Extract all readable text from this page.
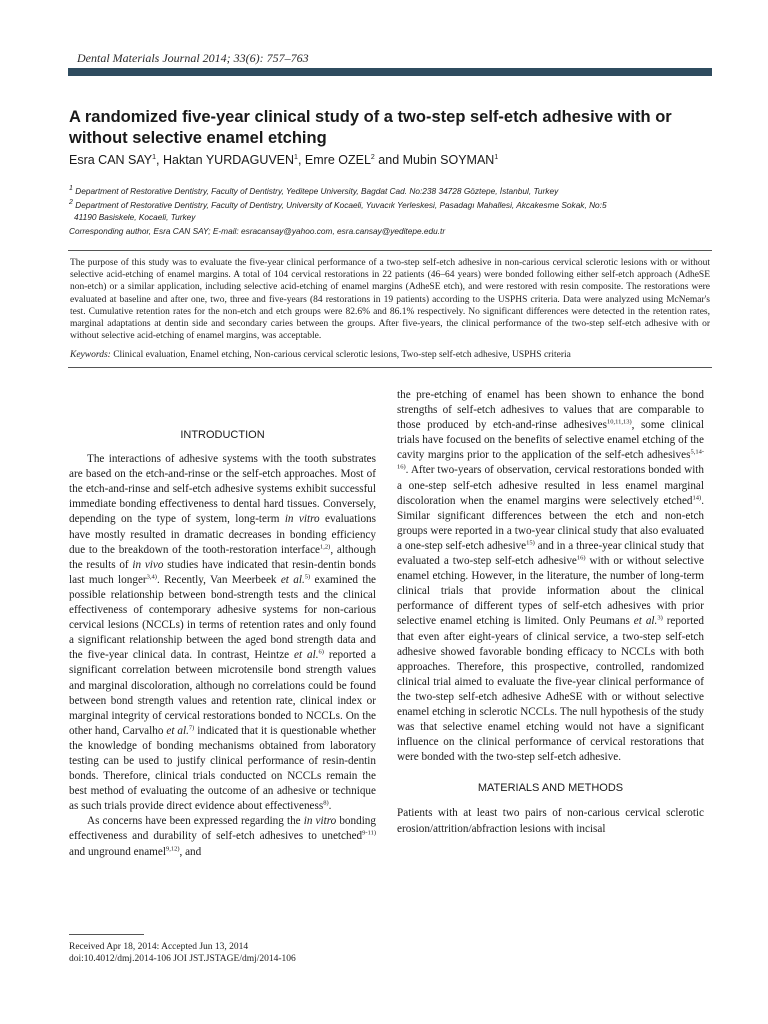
Dental Materials Journal 2014; 33(6): 757–763
A randomized five-year clinical study of a two-step self-etch adhesive with or without selective enamel etching
Esra CAN SAY$^1$, Haktan YURDAGUVEN$^1$, Emre OZEL$^2$ and Mubin SOYMAN$^1$
$^1$ Department of Restorative Dentistry, Faculty of Dentistry, Yeditepe University, Bagdat Cad. No:238 34728 Göztepe, İstanbul, Turkey
$^2$ Department of Restorative Dentistry, Faculty of Dentistry, University of Kocaeli, Yuvacık Yerleskesi, Pasadagı Mahallesi, Akcakesme Sokak, No:5
41190 Basiskele, Kocaeli, Turkey
Corresponding author, Esra CAN SAY; E-mail: esracansay@yahoo.com, esra.cansay@yeditepe.edu.tr
The purpose of this study was to evaluate the five-year clinical performance of a two-step self-etch adhesive in non-carious cervical sclerotic lesions with or without selective acid-etching of enamel margins. A total of 104 cervical restorations in 22 patients (46–64 years) were bonded following either self-etch approach (AdheSE non-etch) or a similar application, including selective acid-etching of enamel margins (AdheSE etch), and were restored with resin composite. The restorations were evaluated at baseline and after one, two, three and five-years (84 restorations in 19 patients) according to the USPHS criteria. Data were analyzed using McNemar's test. Cumulative retention rates for the non-etch and etch groups were 82.6% and 86.1% respectively. No significant differences were detected in the retention rates, marginal adaptations at dentin side and secondary caries between the groups. After five-years, the clinical performance of the two-step self-etch adhesive with or without selective acid-etching of enamel margins, was acceptable.
Keywords: Clinical evaluation, Enamel etching, Non-carious cervical sclerotic lesions, Two-step self-etch adhesive, USPHS criteria

INTRODUCTION

The interactions of adhesive systems with the tooth substrates are based on the etch-and-rinse or the self-etch approaches. Most of the etch-and-rinse and self-etch adhesive systems exhibit successful immediate bonding effectiveness to dental hard tissues. Conversely, depending on the type of system, long-term in vitro evaluations have mostly resulted in dramatic decreases in bonding efficiency due to the breakdown of the tooth-restoration interface$^{1,2)}$, although the results of in vivo studies have indicated that resin-dentin bonds last much longer$^{3,4)}$. Recently, Van Meerbeek et al.$^{5)}$ examined the possible relationship between bond-strength tests and the clinical effectiveness of contemporary adhesive systems for non-carious cervical lesions (NCCLs) in terms of retention rates and only found a significant relationship between the aged bond strength data and the five-year clinical data. In contrast, Heintze et al.$^{6)}$ reported a significant correlation between microtensile bond strength values and marginal discoloration, although no correlations could be found between bond strength values and retention rate, clinical index or marginal integrity of cervical restorations bonded to NCCLs. On the other hand, Carvalho et al.$^{7)}$ indicated that it is questionable whether the knowledge of bonding mechanisms obtained from laboratory testing can be used to justify clinical performance of resin-dentin bonds. Therefore, clinical trials conducted on NCCLs remain the best method of evaluating the outcome of an adhesive or technique as such trials provide direct evidence about effectiveness$^{8)}$.

As concerns have been expressed regarding the in vitro bonding effectiveness and durability of self-etch adhesives to unetched$^{9-11)}$ and unground enamel$^{9,12)}$, and

the pre-etching of enamel has been shown to enhance the bond strengths of self-etch adhesives to values that are comparable to those produced by etch-and-rinse adhesives$^{10,11,13)}$, some clinical trials have focused on the benefits of selective enamel etching of the cavity margins prior to the application of the self-etch adhesives$^{5,14-16)}$. After two-years of observation, cervical restorations bonded with a one-step self-etch adhesive resulted in less enamel marginal discoloration when the enamel margins were selectively etched$^{14)}$. Similar significant differences between the etch and non-etch groups were reported in a two-year clinical study that also evaluated a one-step self-etch adhesive$^{15)}$ and in a three-year clinical study that evaluated a two-step self-etch adhesive$^{16)}$ with or without selective enamel etching. However, in the literature, the number of long-term clinical trials that provide information about the clinical performance of different types of self-etch adhesives with prior selective enamel etching is limited. Only Peumans et al.$^{3)}$ reported that even after eight-years of clinical service, a two-step self-etch adhesive showed favorable bonding efficacy to NCCLs with both approaches. Therefore, this prospective, controlled, randomized clinical trial aimed to evaluate the five-year clinical performance of the two-step self-etch adhesive AdheSE with or without selective enamel etching in sclerotic NCCLs. The null hypothesis of the study was that selective enamel etching would not have a significant influence on the clinical performance of cervical restorations that were bonded with the two-step self-etch adhesive.

MATERIALS AND METHODS

Patients with at least two pairs of non-carious cervical sclerotic erosion/attrition/abfraction lesions with incisal

Received Apr 18, 2014: Accepted Jun 13, 2014
doi:10.4012/dmj.2014-106 JOI JST.JSTAGE/dmj/2014-106
